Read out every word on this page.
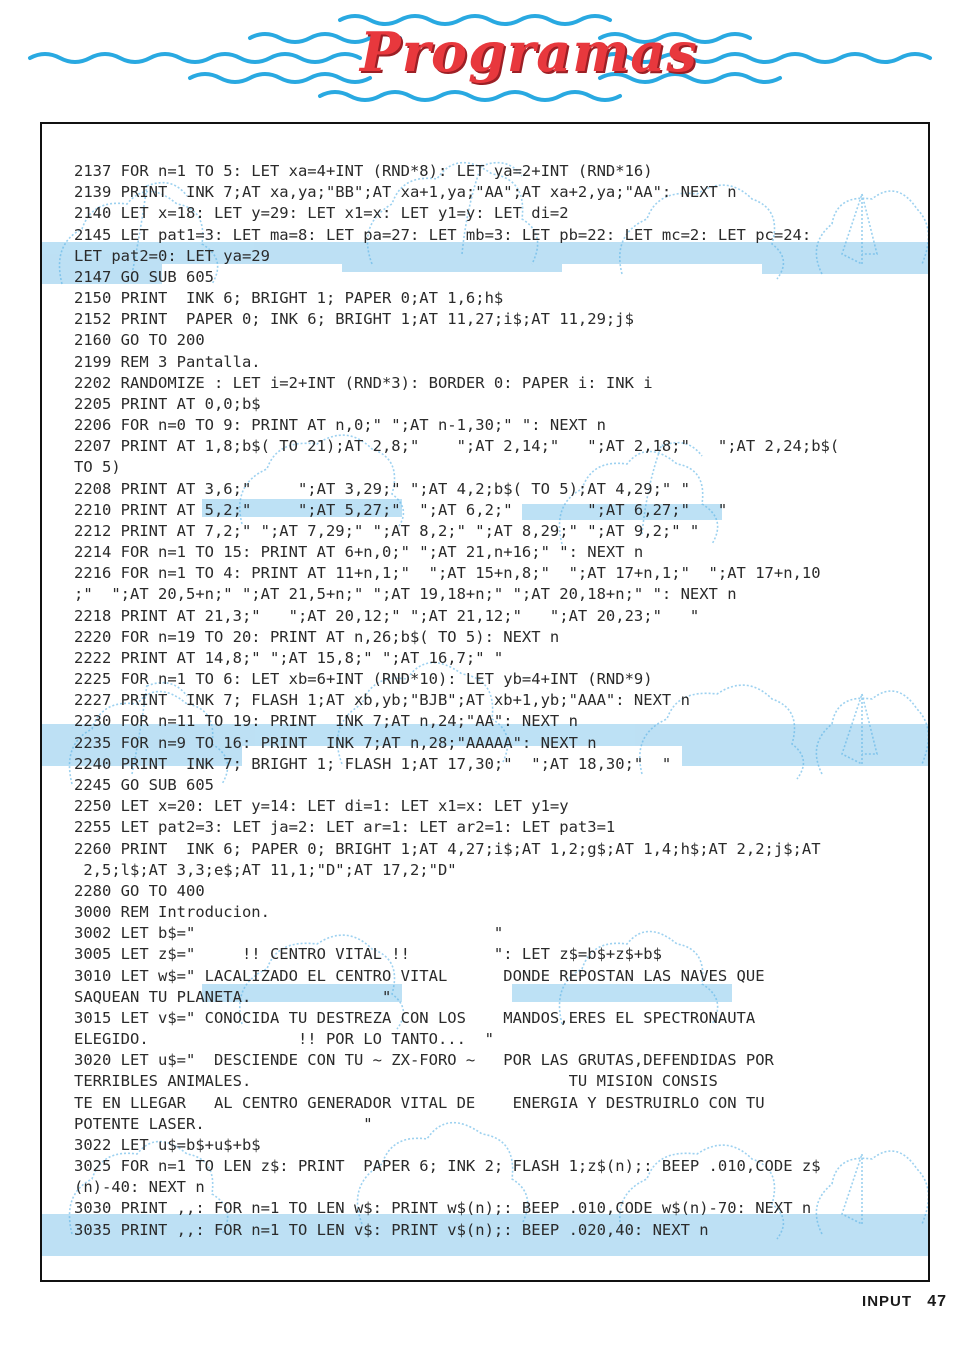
Programas
2137 FOR n=1 TO 5: LET xa=4+INT (RND*8): LET ya=2+INT (RND*16)
2139 PRINT  INK 7;AT xa,ya;"BB";AT xa+1,ya;"AA";AT xa+2,ya;"AA": NEXT n
2140 LET x=18: LET y=29: LET x1=x: LET y1=y: LET di=2
2145 LET pat1=3: LET ma=8: LET pa=27: LET mb=3: LET pb=22: LET mc=2: LET pc=24:
LET pat2=0: LET ya=29
2147 GO SUB 605
2150 PRINT  INK 6; BRIGHT 1; PAPER 0;AT 1,6;h$
2152 PRINT  PAPER 0; INK 6; BRIGHT 1;AT 11,27;i$;AT 11,29;j$
2160 GO TO 200
2199 REM 3 Pantalla.
2202 RANDOMIZE : LET i=2+INT (RND*3): BORDER 0: PAPER i: INK i
2205 PRINT AT 0,0;b$
2206 FOR n=0 TO 9: PRINT AT n,0;" ";AT n-1,30;" ": NEXT n
2207 PRINT AT 1,8;b$( TO 21);AT 2,8;"    ";AT 2,14;"   ";AT 2,18;"   ";AT 2,24;b$(
TO 5)
2208 PRINT AT 3,6;"     ";AT 3,29;" ";AT 4,2;b$( TO 5);AT 4,29;" "
2210 PRINT AT 5,2;"     ";AT 5,27;"  ";AT 6,2;"        ";AT 6,27;"   "
2212 PRINT AT 7,2;" ";AT 7,29;" ";AT 8,2;" ";AT 8,29;" ";AT 9,2;" "
2214 FOR n=1 TO 15: PRINT AT 6+n,0;" ";AT 21,n+16;" ": NEXT n
2216 FOR n=1 TO 4: PRINT AT 11+n,1;"  ";AT 15+n,8;"  ";AT 17+n,1;"  ";AT 17+n,10
;"  ";AT 20,5+n;" ";AT 21,5+n;" ";AT 19,18+n;" ";AT 20,18+n;" ": NEXT n
2218 PRINT AT 21,3;"   ";AT 20,12;" ";AT 21,12;"   ";AT 20,23;"   "
2220 FOR n=19 TO 20: PRINT AT n,26;b$( TO 5): NEXT n
2222 PRINT AT 14,8;" ";AT 15,8;" ";AT 16,7;" "
2225 FOR n=1 TO 6: LET xb=6+INT (RND*10): LET yb=4+INT (RND*9)
2227 PRINT  INK 7; FLASH 1;AT xb,yb;"BJB";AT xb+1,yb;"AAA": NEXT n
2230 FOR n=11 TO 19: PRINT  INK 7;AT n,24;"AA": NEXT n
2235 FOR n=9 TO 16: PRINT  INK 7;AT n,28;"AAAAA": NEXT n
2240 PRINT  INK 7; BRIGHT 1; FLASH 1;AT 17,30;"  ";AT 18,30;"  "
2245 GO SUB 605
2250 LET x=20: LET y=14: LET di=1: LET x1=x: LET y1=y
2255 LET pat2=3: LET ja=2: LET ar=1: LET ar2=1: LET pat3=1
2260 PRINT  INK 6; PAPER 0; BRIGHT 1;AT 4,27;i$;AT 1,2;g$;AT 1,4;h$;AT 2,2;j$;AT
2,5;l$;AT 3,3;e$;AT 11,1;"D";AT 17,2;"D"
2280 GO TO 400
3000 REM Introducion.
3002 LET b$="                                "
3005 LET z$="     !! CENTRO VITAL !!         ": LET z$=b$+z$+b$
3010 LET w$=" LACALIZADO EL CENTRO VITAL      DONDE REPOSTAN LAS NAVES QUE
SAQUEAN TU PLANETA.              "
3015 LET v$=" CONOCIDA TU DESTREZA CON LOS    MANDOS,ERES EL SPECTRONAUTA
ELEGIDO.                !! POR LO TANTO...  "
3020 LET u$="  DESCIENDE CON TU ~ ZX-FORO ~   POR LAS GRUTAS,DEFENDIDAS POR
TERRIBLES ANIMALES.                                  TU MISION CONSIS
TE EN LLEGAR   AL CENTRO GENERADOR VITAL DE    ENERGIA Y DESTRUIRLO CON TU
POTENTE LASER.                 "
3022 LET u$=b$+u$+b$
3025 FOR n=1 TO LEN z$: PRINT  PAPER 6; INK 2; FLASH 1;z$(n);: BEEP .010,CODE z$
(n)-40: NEXT n
3030 PRINT ,,: FOR n=1 TO LEN w$: PRINT w$(n);: BEEP .010,CODE w$(n)-70: NEXT n
3035 PRINT ,,: FOR n=1 TO LEN v$: PRINT v$(n);: BEEP .020,40: NEXT n
INPUT 47
